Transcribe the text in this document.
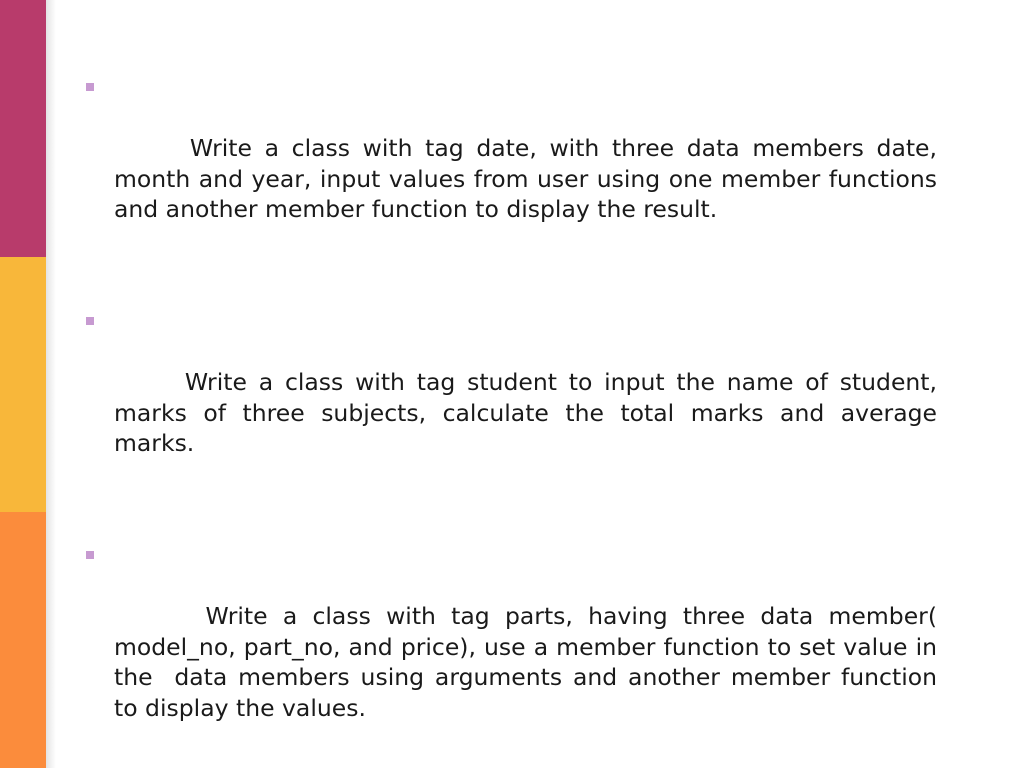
Write a class with tag date, with three data members date, month and year, input values from user using one member functions and another member function to display the result.

Write a class with tag student to input the name of student, marks of three subjects, calculate the total marks and average marks.

Write a class with tag parts, having three data member( model_no, part_no, and price), use a member function to set value in the  data members using arguments and another member function to display the values.
